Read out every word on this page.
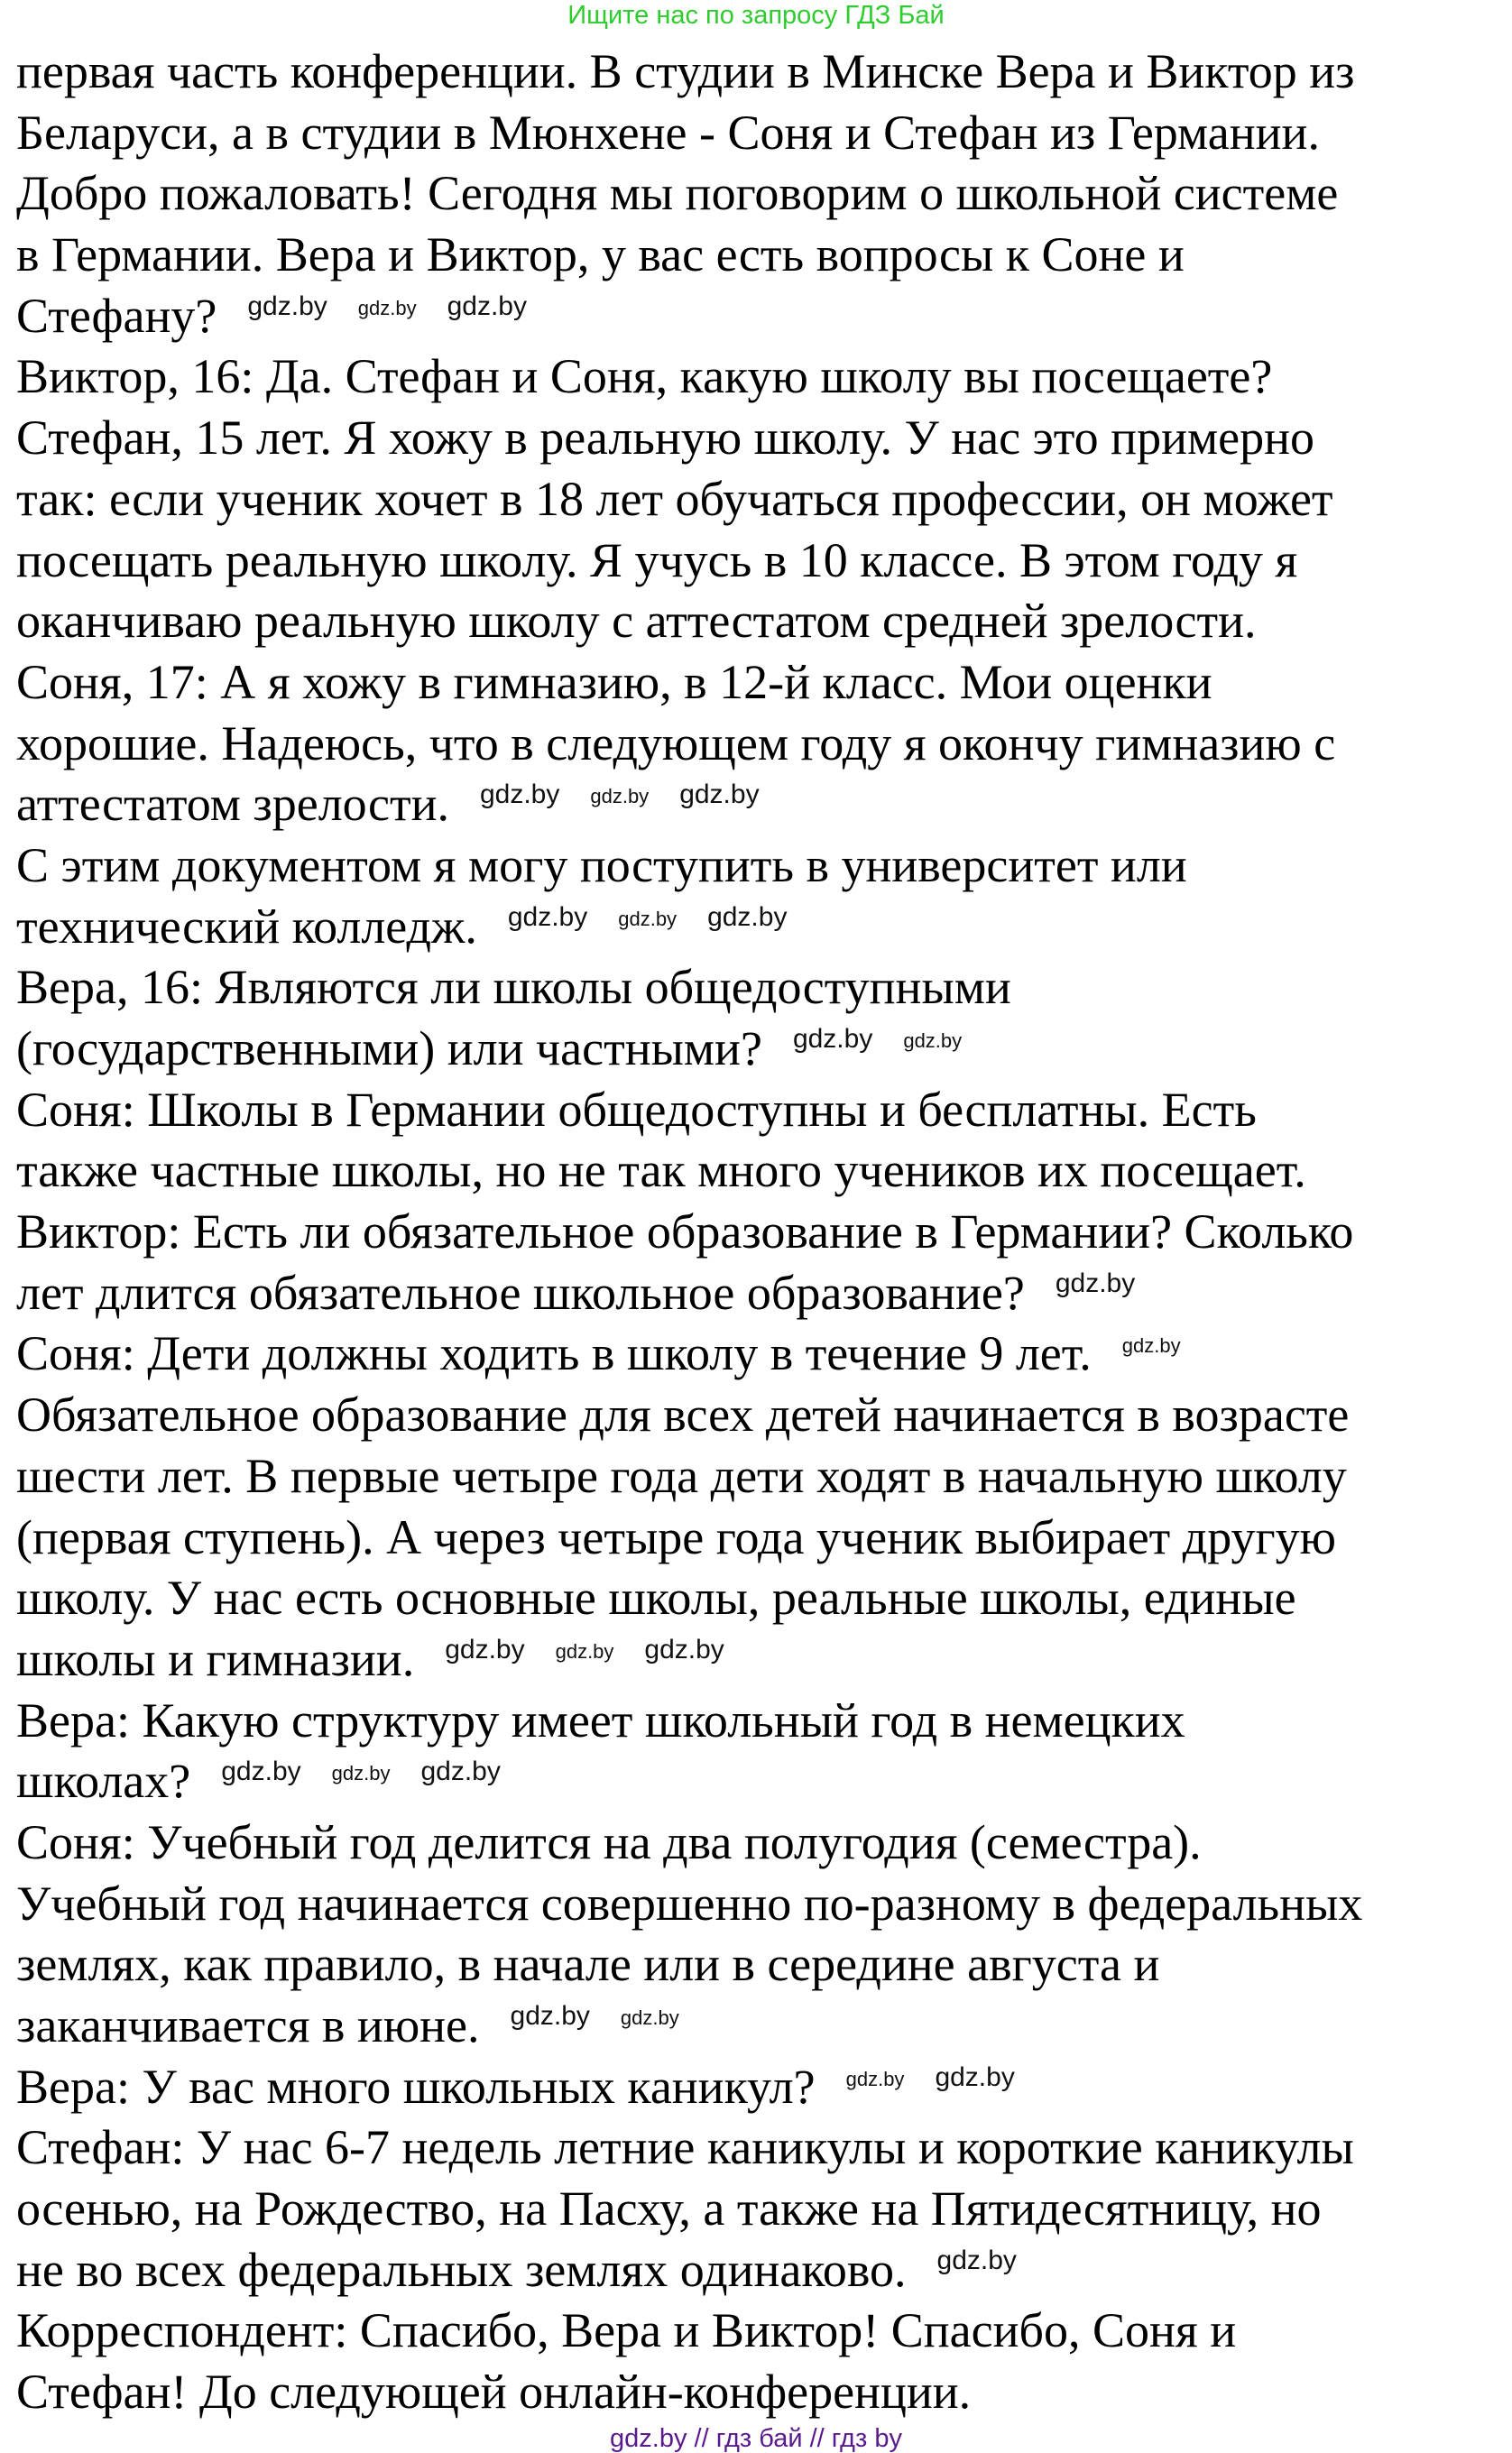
Ищите нас по запросу ГДЗ Бай
первая часть конференции. В студии в Минске Вера и Виктор из
Беларуси, а в студии в Мюнхене - Соня и Стефан из Германии.
Добро пожаловать! Сегодня мы поговорим о школьной системе
в Германии. Вера и Виктор, у вас есть вопросы к Соне и
Стефану? $^{gdz.by}$ $^{gdz.by}$ $^{gdz.by}$
Виктор, 16: Да. Стефан и Соня, какую школу вы посещаете?
Стефан, 15 лет. Я хожу в реальную школу. У нас это примерно
так: если ученик хочет в 18 лет обучаться профессии, он может
посещать реальную школу. Я учусь в 10 классе. В этом году я
оканчиваю реальную школу с аттестатом средней зрелости.
Соня, 17: А я хожу в гимназию, в 12-й класс. Мои оценки
хорошие. Надеюсь, что в следующем году я окончу гимназию с
аттестатом зрелости. $^{gdz.by}$ $^{gdz.by}$ $^{gdz.by}$
С этим документом я могу поступить в университет или
технический колледж. $^{gdz.by}$ $^{gdz.by}$ $^{gdz.by}$
Вера, 16: Являются ли школы общедоступными
(государственными) или частными? $^{gdz.by}$ $^{gdz.by}$
Соня: Школы в Германии общедоступны и бесплатны. Есть
также частные школы, но не так много учеников их посещает.
Виктор: Есть ли обязательное образование в Германии? Сколько
лет длится обязательное школьное образование? $^{gdz.by}$
Соня: Дети должны ходить в школу в течение 9 лет. $^{gdz.by}$
Обязательное образование для всех детей начинается в возрасте
шести лет. В первые четыре года дети ходят в начальную школу
(первая ступень). А через четыре года ученик выбирает другую
школу. У нас есть основные школы, реальные школы, единые
школы и гимназии. $^{gdz.by}$ $^{gdz.by}$ $^{gdz.by}$
Вера: Какую структуру имеет школьный год в немецких
школах? $^{gdz.by}$ $^{gdz.by}$ $^{gdz.by}$
Соня: Учебный год делится на два полугодия (семестра).
Учебный год начинается совершенно по-разному в федеральных
землях, как правило, в начале или в середине августа и
заканчивается в июне. $^{gdz.by}$ $^{gdz.by}$
Вера: У вас много школьных каникул? $^{gdz.by}$ $^{gdz.by}$
Стефан: У нас 6-7 недель летние каникулы и короткие каникулы
осенью, на Рождество, на Пасху, а также на Пятидесятницу, но
не во всех федеральных землях одинаково. $^{gdz.by}$
Корреспондент: Спасибо, Вера и Виктор! Спасибо, Соня и
Стефан! До следующей онлайн-конференции.
gdz.by // гдз бай // гдз by
